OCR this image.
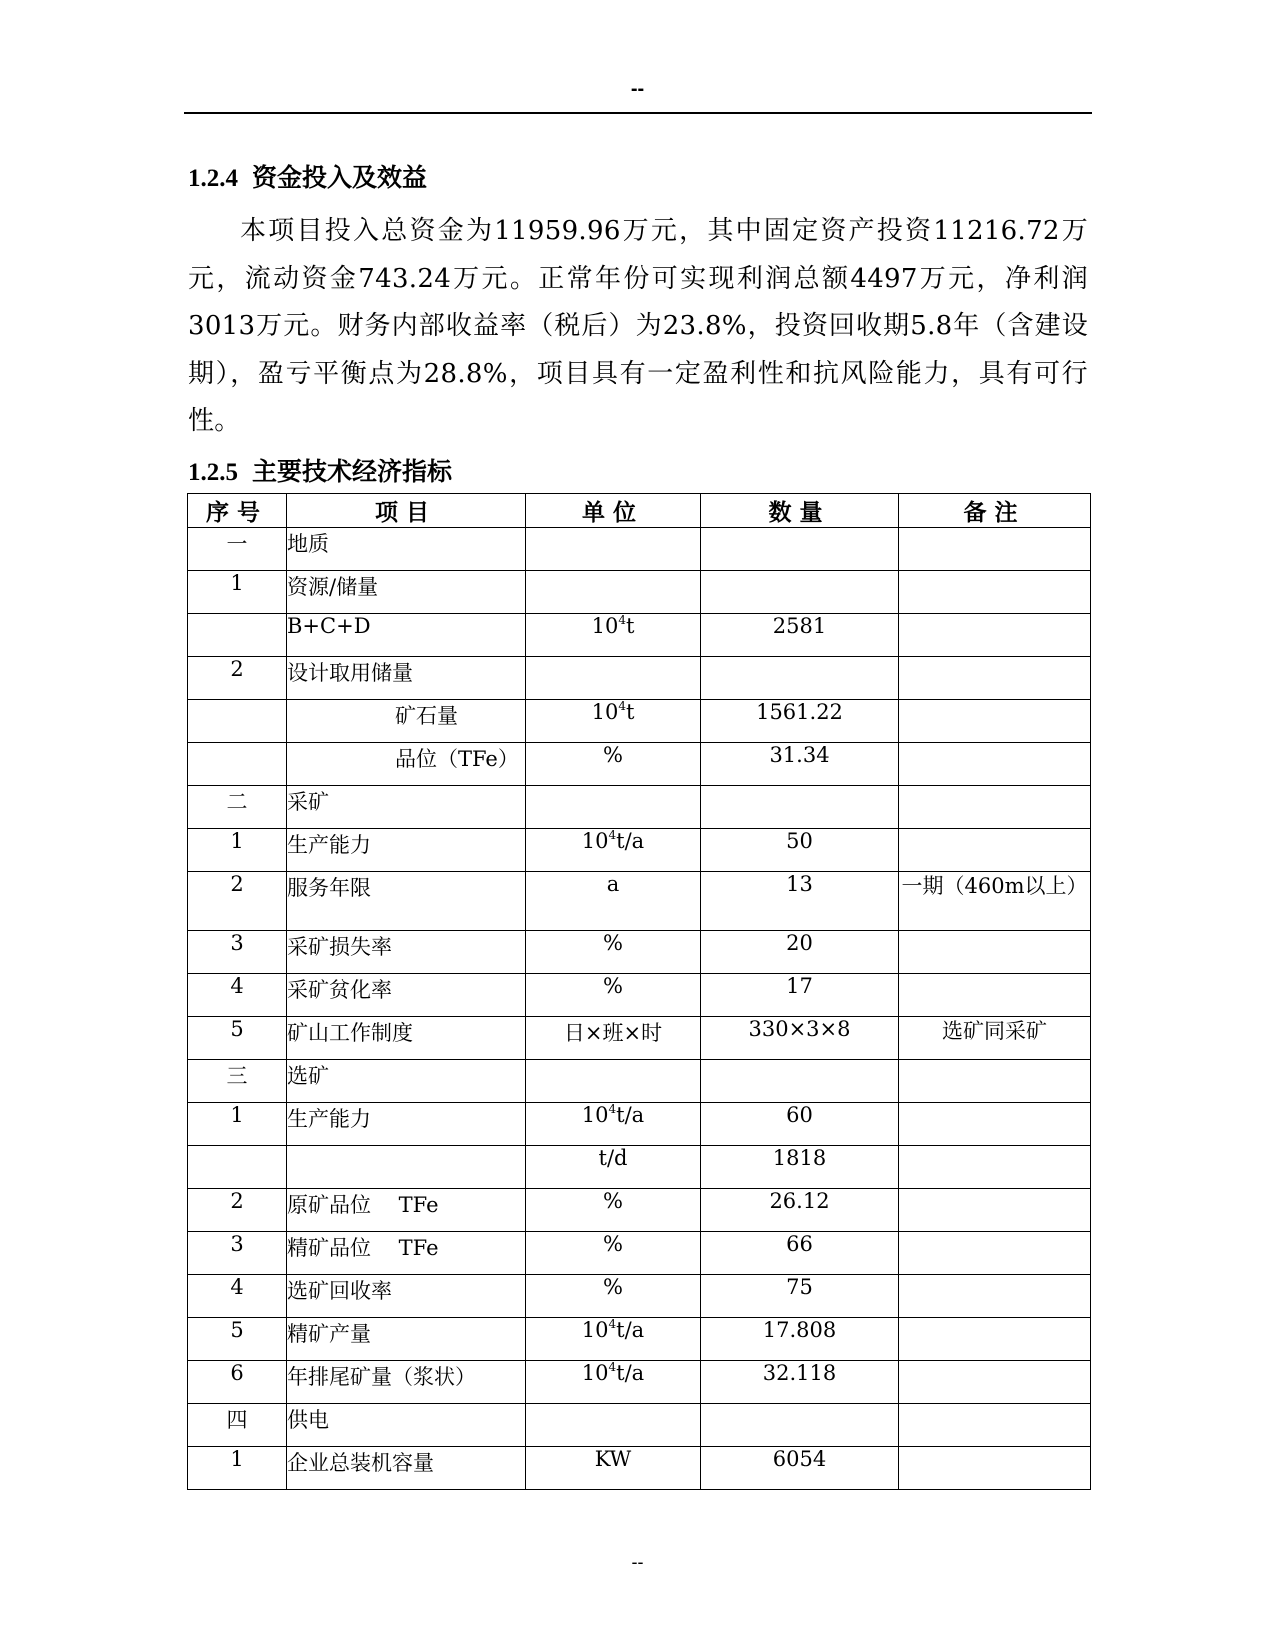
--
1.2.4 资金投入及效益
本项目投入总资金为11959.96万元，其中固定资产投资11216.72万元，流动资金743.24万元。正常年份可实现利润总额4497万元，净利润3013万元。财务内部收益率（税后）为23.8%，投资回收期5.8年（含建设期），盈亏平衡点为28.8%，项目具有一定盈利性和抗风险能力，具有可行性。
1.2.5 主要技术经济指标
序号	项目	单位	数量	备注
一	地质			
1	资源/储量			
	B+C+D	$10^4t$	2581	
2	设计取用储量			
	矿石量	$10^4t$	1561.22	
	品位（TFe）	%	31.34	
二	采矿			
1	生产能力	$10^4t/a$	50	
2	服务年限	a	13	一期（460m以上）
3	采矿损失率	%	20	
4	采矿贫化率	%	17	
5	矿山工作制度	日×班×时	330×3×8	选矿同采矿
三	选矿			
1	生产能力	$10^4t/a$	60	
		t/d	1818	
2	原矿品位　 TFe	%	26.12	
3	精矿品位　 TFe	%	66	
4	选矿回收率	%	75	
5	精矿产量	$10^4t/a$	17.808	
6	年排尾矿量（浆状）	$10^4t/a$	32.118	
四	供电			
1	企业总装机容量	KW	6054	
--
